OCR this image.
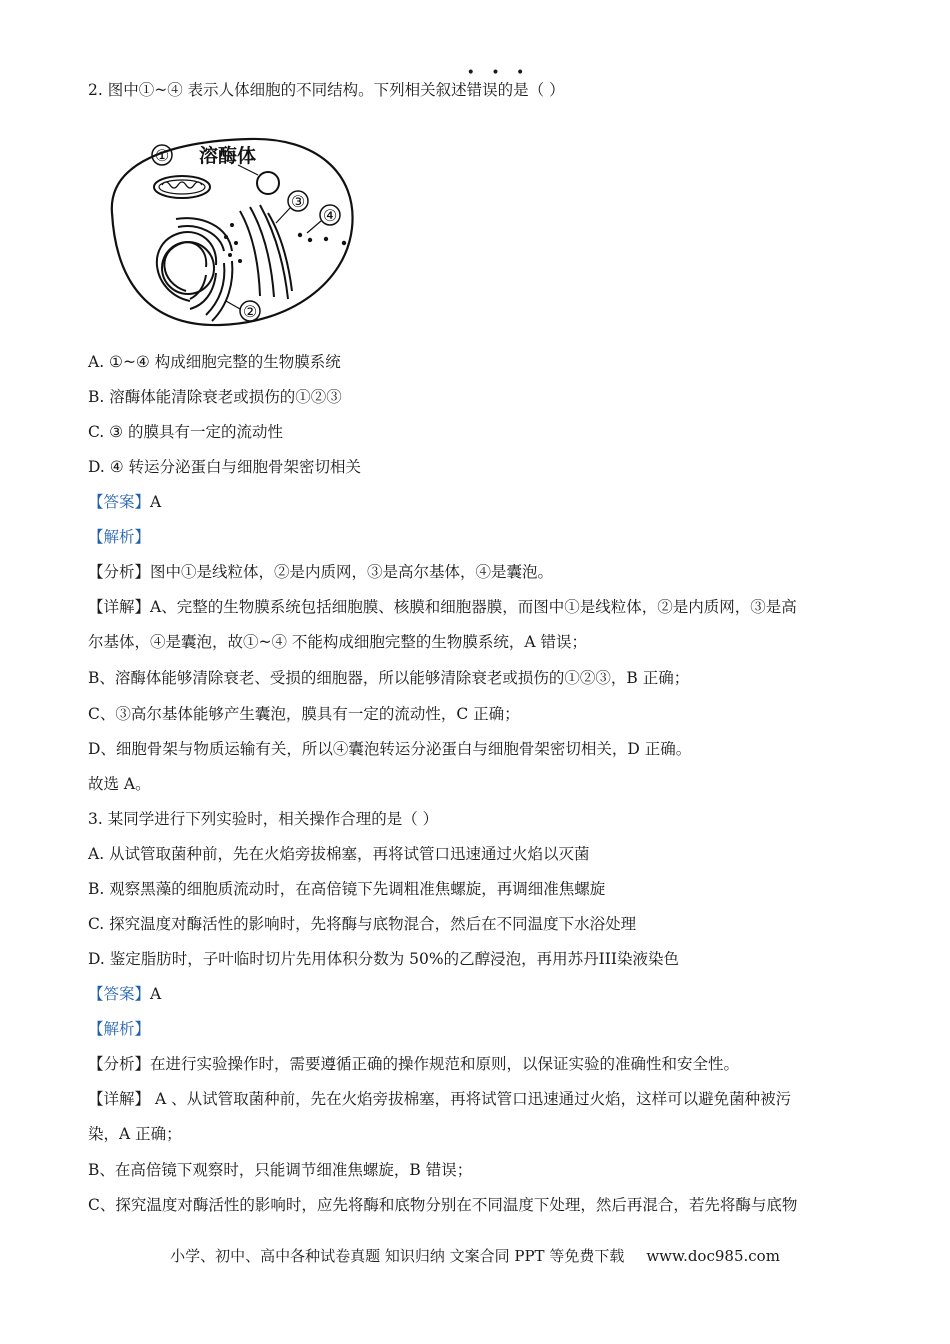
2. 图中①~④ 表示人体细胞的不同结构。下列相关叙述
• • •
错误的是（ ）
① 溶酶体
③
④
②
A. ①~④ 构成细胞完整的生物膜系统
B. 溶酶体能清除衰老或损伤的①②③
C. ③ 的膜具有一定的流动性
D. ④ 转运分泌蛋白与细胞骨架密切相关
【答案】A
【解析】
【分析】图中①是线粒体，②是内质网，③是高尔基体，④是囊泡。
【详解】A、完整的生物膜系统包括细胞膜、核膜和细胞器膜，而图中①是线粒体，②是内质网，③是高
尔基体，④是囊泡，故①~④ 不能构成细胞完整的生物膜系统，A 错误；
B、溶酶体能够清除衰老、受损的细胞器，所以能够清除衰老或损伤的①②③，B 正确；
C、③高尔基体能够产生囊泡，膜具有一定的流动性，C 正确；
D、细胞骨架与物质运输有关，所以④囊泡转运分泌蛋白与细胞骨架密切相关，D 正确。
故选 A。
3. 某同学进行下列实验时，相关操作合理的是（ ）
A. 从试管取菌种前，先在火焰旁拔棉塞，再将试管口迅速通过火焰以灭菌
B. 观察黑藻的细胞质流动时，在高倍镜下先调粗准焦螺旋，再调细准焦螺旋
C. 探究温度对酶活性的影响时，先将酶与底物混合，然后在不同温度下水浴处理
D. 鉴定脂肪时，子叶临时切片先用体积分数为 50%的乙醇浸泡，再用苏丹III染液染色
【答案】A
【解析】
【分析】在进行实验操作时，需要遵循正确的操作规范和原则，以保证实验的准确性和安全性。
【详解】 A 、从试管取菌种前，先在火焰旁拔棉塞，再将试管口迅速通过火焰，这样可以避免菌种被污
染，A 正确；
B、在高倍镜下观察时，只能调节细准焦螺旋，B 错误；
C、探究温度对酶活性的影响时，应先将酶和底物分别在不同温度下处理，然后再混合，若先将酶与底物
小学、初中、高中各种试卷真题 知识归纳 文案合同 PPT 等免费下载 www.doc985.com
